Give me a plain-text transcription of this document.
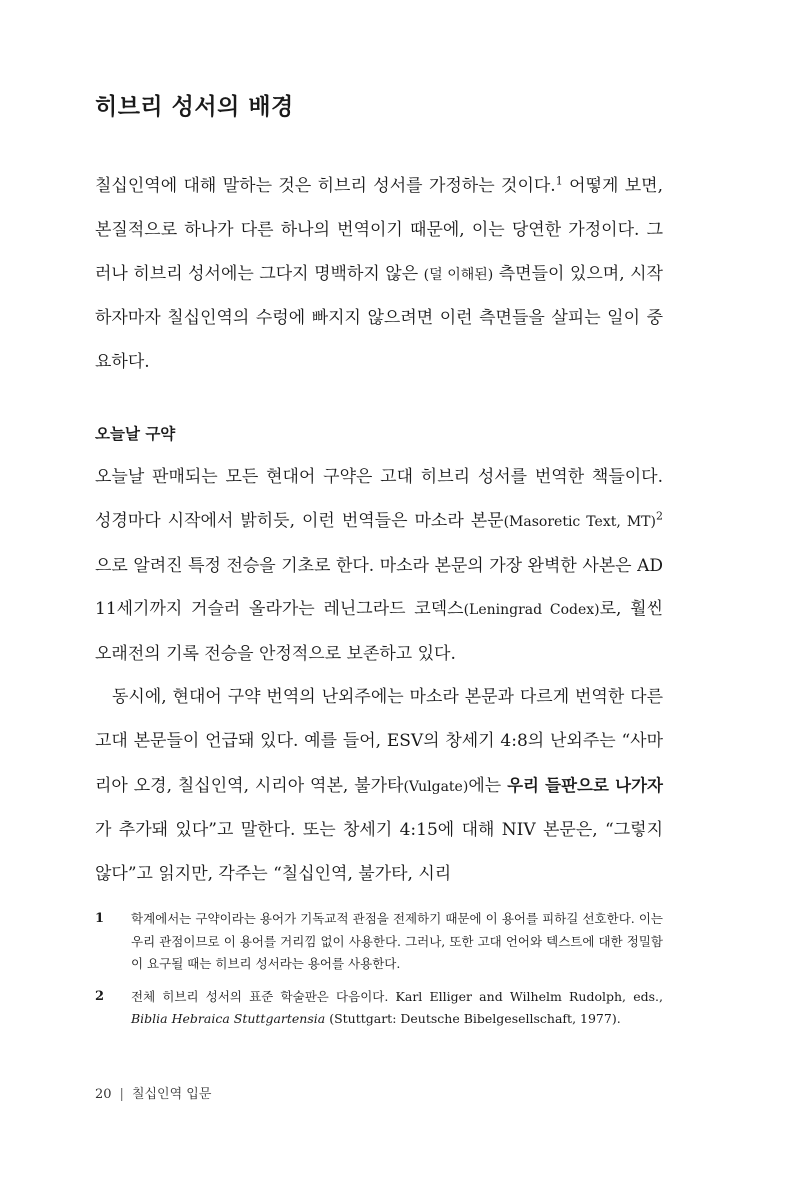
히브리 성서의 배경
칠십인역에 대해 말하는 것은 히브리 성서를 가정하는 것이다.$^1$ 어떻게 보면, 본질적으로 하나가 다른 하나의 번역이기 때문에, 이는 당연한 가정이다. 그러나 히브리 성서에는 그다지 명백하지 않은 (덜 이해된) 측면들이 있으며, 시작하자마자 칠십인역의 수렁에 빠지지 않으려면 이런 측면들을 살피는 일이 중요하다.
오늘날 구약
오늘날 판매되는 모든 현대어 구약은 고대 히브리 성서를 번역한 책들이다. 성경마다 시작에서 밝히듯, 이런 번역들은 마소라 본문(Masoretic Text, MT)$^2$으로 알려진 특정 전승을 기초로 한다. 마소라 본문의 가장 완벽한 사본은 AD 11세기까지 거슬러 올라가는 레닌그라드 코덱스(Leningrad Codex)로, 훨씬 오래전의 기록 전승을 안정적으로 보존하고 있다.
동시에, 현대어 구약 번역의 난외주에는 마소라 본문과 다르게 번역한 다른 고대 본문들이 언급돼 있다. 예를 들어, ESV의 창세기 4:8의 난외주는 “사마리아 오경, 칠십인역, 시리아 역본, 불가타(Vulgate)에는 우리 들판으로 나가자가 추가돼 있다”고 말한다. 또는 창세기 4:15에 대해 NIV 본문은, “그렇지 않다”고 읽지만, 각주는 “칠십인역, 불가타, 시리
1	학계에서는 구약이라는 용어가 기독교적 관점을 전제하기 때문에 이 용어를 피하길 선호한다. 이는 우리 관점이므로 이 용어를 거리낌 없이 사용한다. 그러나, 또한 고대 언어와 텍스트에 대한 정밀함이 요구될 때는 히브리 성서라는 용어를 사용한다.
2	전체 히브리 성서의 표준 학술판은 다음이다. Karl Elliger and Wilhelm Rudolph, eds., Biblia Hebraica Stuttgartensia (Stuttgart: Deutsche Bibelgesellschaft, 1977).
20 | 칠십인역 입문
